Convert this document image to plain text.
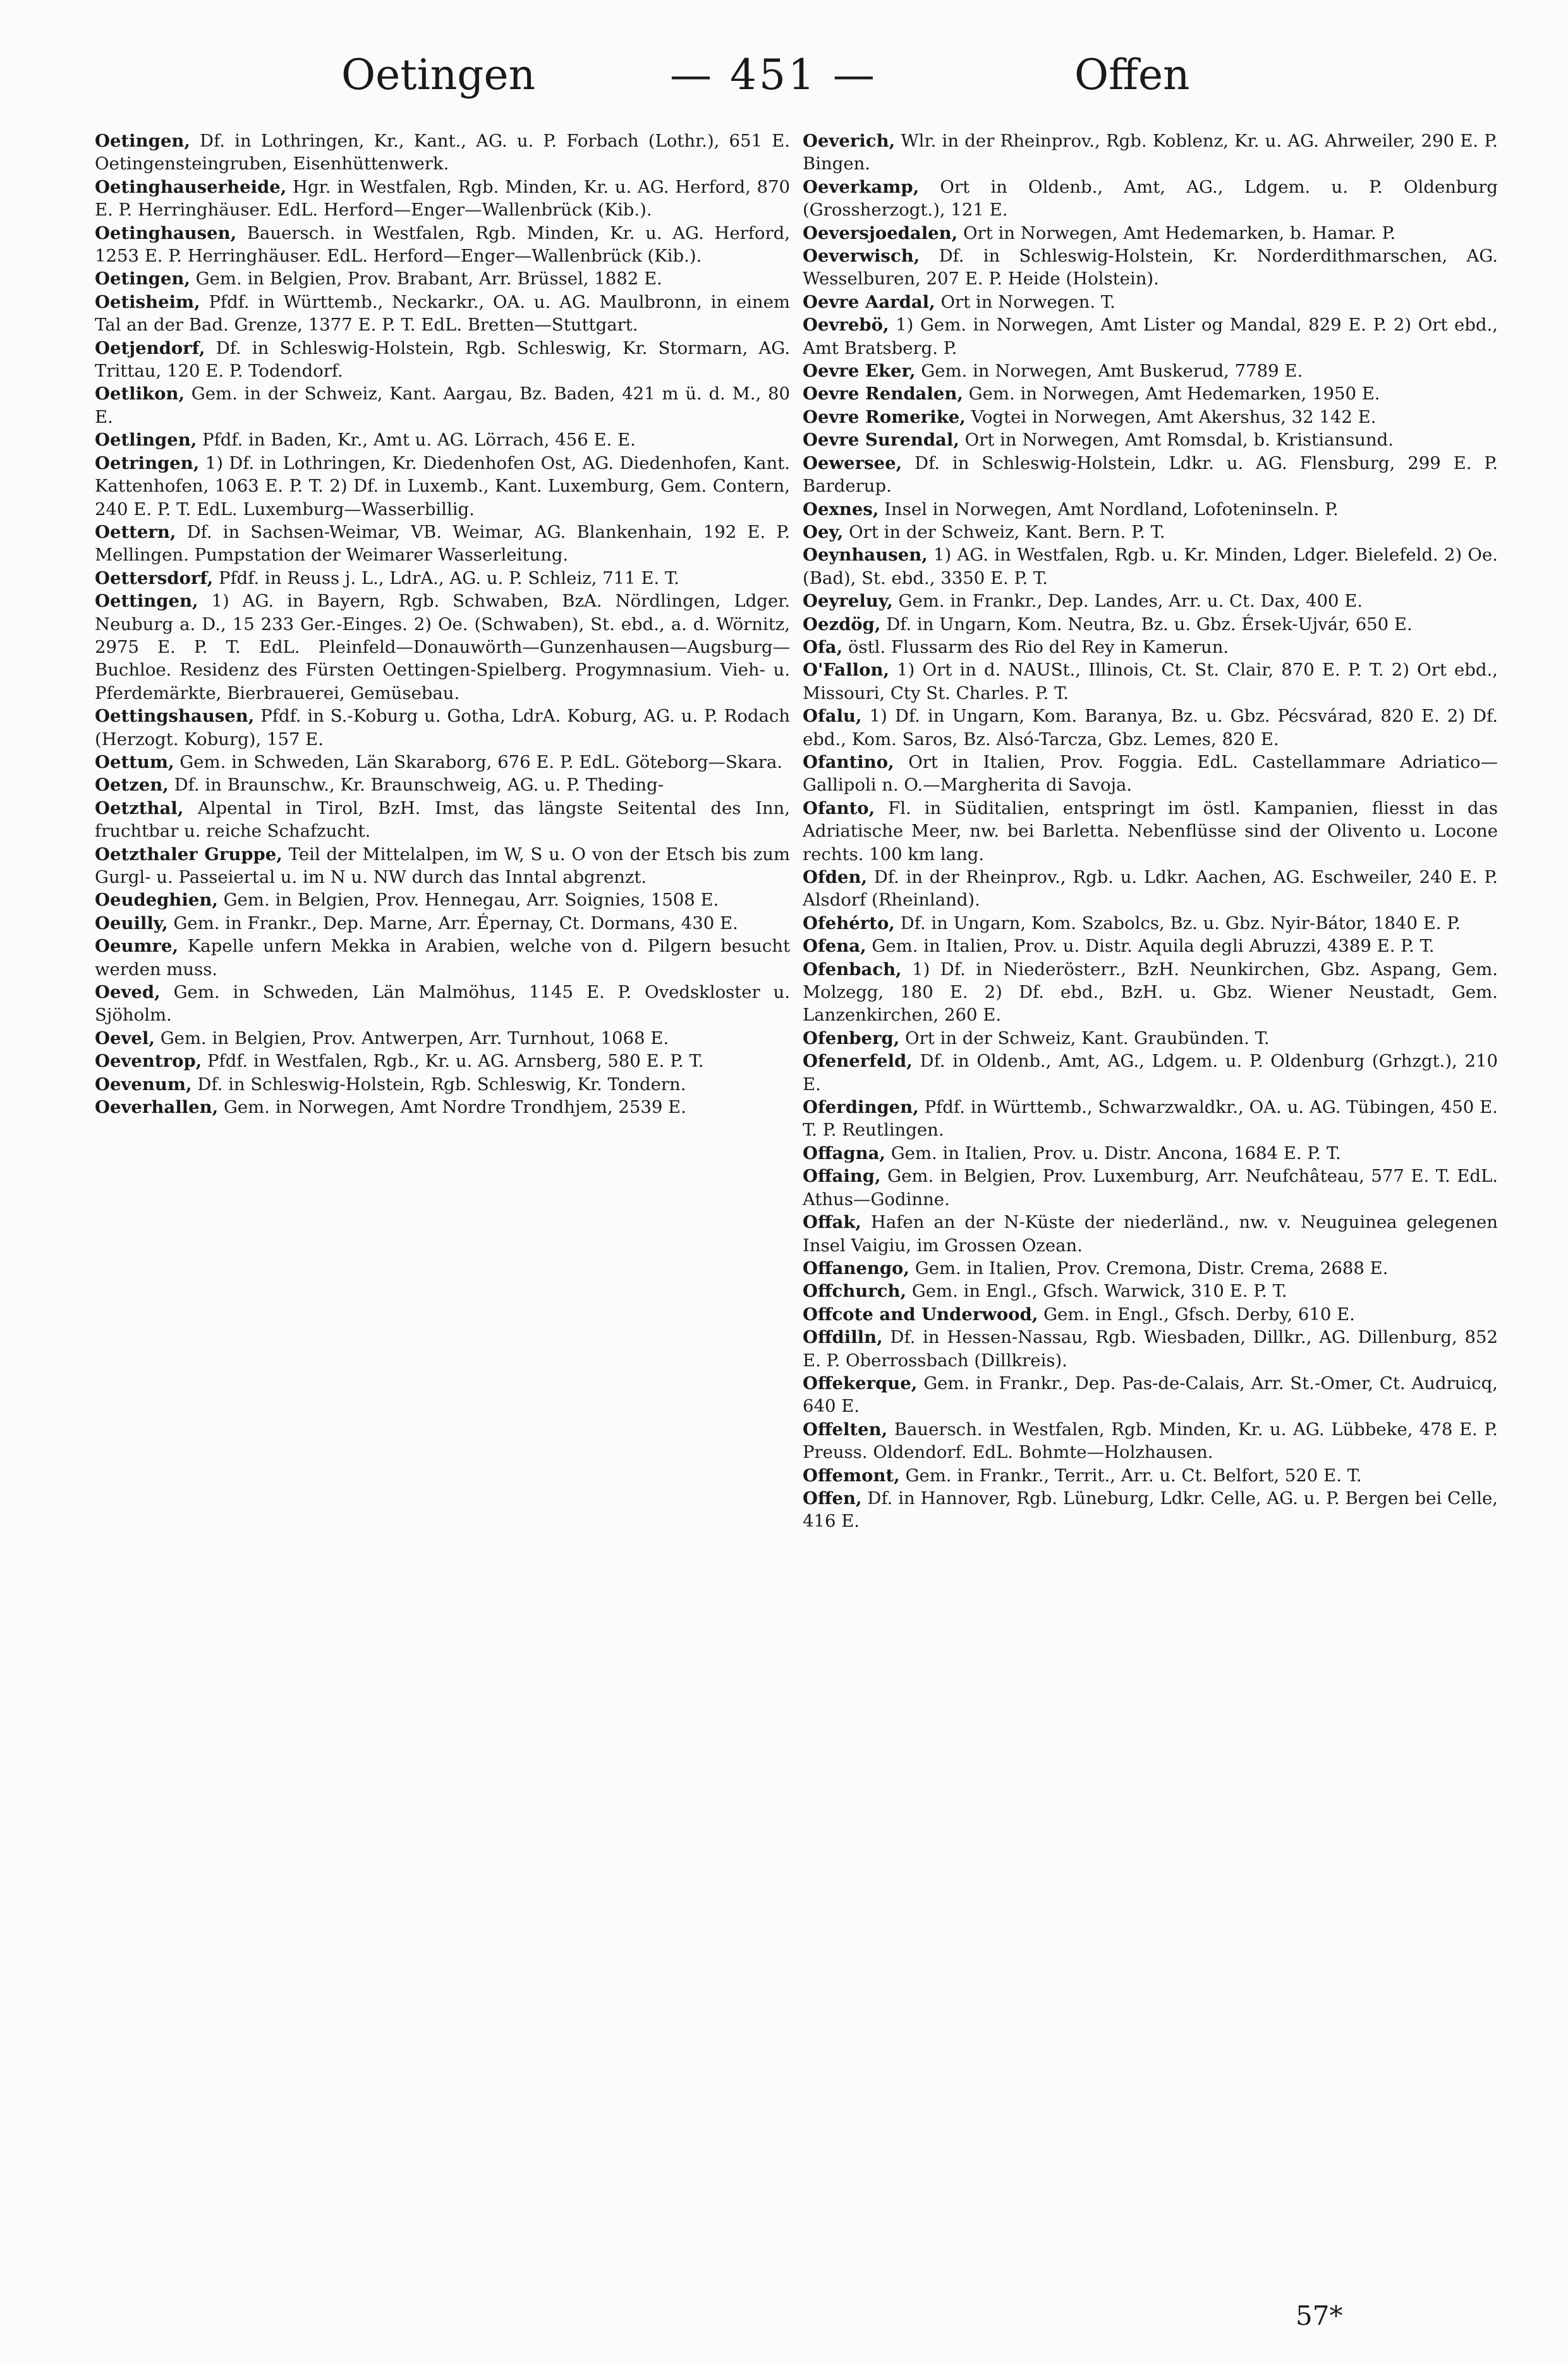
Oetingen	— 451 —	Offen

Oetingen, Df. in Lothringen, Kr., Kant., AG. u. P. Forbach (Lothr.), 651 E. Oetingensteingruben, Eisenhüttenwerk.

Oetinghauserheide, Hgr. in Westfalen, Rgb. Minden, Kr. u. AG. Herford, 870 E. P. Herringhäuser. EdL. Herford—Enger—Wallenbrück (Kib.).

Oetinghausen, Bauersch. in Westfalen, Rgb. Minden, Kr. u. AG. Herford, 1253 E. P. Herringhäuser. EdL. Herford—Enger—Wallenbrück (Kib.).

Oetingen, Gem. in Belgien, Prov. Brabant, Arr. Brüssel, 1882 E.

Oetisheim, Pfdf. in Württemb., Neckarkr., OA. u. AG. Maulbronn, in einem Tal an der Bad. Grenze, 1377 E. P. T. EdL. Bretten—Stuttgart.

Oetjendorf, Df. in Schleswig-Holstein, Rgb. Schleswig, Kr. Stormarn, AG. Trittau, 120 E. P. Todendorf.

Oetlikon, Gem. in der Schweiz, Kant. Aargau, Bz. Baden, 421 m ü. d. M., 80 E.

Oetlingen, Pfdf. in Baden, Kr., Amt u. AG. Lörrach, 456 E. E.

Oetringen, 1) Df. in Lothringen, Kr. Diedenhofen Ost, AG. Diedenhofen, Kant. Kattenhofen, 1063 E. P. T. 2) Df. in Luxemb., Kant. Luxemburg, Gem. Contern, 240 E. P. T. EdL. Luxemburg—Wasserbillig.

Oettern, Df. in Sachsen-Weimar, VB. Weimar, AG. Blankenhain, 192 E. P. Mellingen. Pumpstation der Weimarer Wasserleitung.

Oettersdorf, Pfdf. in Reuss j. L., LdrA., AG. u. P. Schleiz, 711 E. T.

Oettingen, 1) AG. in Bayern, Rgb. Schwaben, BzA. Nördlingen, Ldger. Neuburg a. D., 15 233 Ger.-Einges. 2) Oe. (Schwaben), St. ebd., a. d. Wörnitz, 2975 E. P. T. EdL. Pleinfeld—Donauwörth—Gunzenhausen—Augsburg—Buchloe. Residenz des Fürsten Oettingen-Spielberg. Progymnasium. Vieh- u. Pferdemärkte, Bierbrauerei, Gemüsebau.

Oettingshausen, Pfdf. in S.-Koburg u. Gotha, LdrA. Koburg, AG. u. P. Rodach (Herzogt. Koburg), 157 E.

Oettum, Gem. in Schweden, Län Skaraborg, 676 E. P. EdL. Göteborg—Skara.

Oetzen, Df. in Braunschw., Kr. Braunschweig, AG. u. P. Theding-

Oetzthal, Alpental in Tirol, BzH. Imst, das längste Seitental des Inn, fruchtbar u. reiche Schafzucht.

Oetzthaler Gruppe, Teil der Mittelalpen, im W, S u. O von der Etsch bis zum Gurgl- u. Passeiertal u. im N u. NW durch das Inntal abgrenzt.

Oeudeghien, Gem. in Belgien, Prov. Hennegau, Arr. Soignies, 1508 E.

Oeuilly, Gem. in Frankr., Dep. Marne, Arr. Épernay, Ct. Dormans, 430 E.

Oeumre, Kapelle unfern Mekka in Arabien, welche von d. Pilgern besucht werden muss.

Oeved, Gem. in Schweden, Län Malmöhus, 1145 E. P. Ovedskloster u. Sjöholm.

Oevel, Gem. in Belgien, Prov. Antwerpen, Arr. Turnhout, 1068 E.

Oeventrop, Pfdf. in Westfalen, Rgb., Kr. u. AG. Arnsberg, 580 E. P. T.

Oevenum, Df. in Schleswig-Holstein, Rgb. Schleswig, Kr. Tondern.

Oeverhallen, Gem. in Norwegen, Amt Nordre Trondhjem, 2539 E.

Oeverich, Wlr. in der Rheinprov., Rgb. Koblenz, Kr. u. AG. Ahrweiler, 290 E. P. Bingen.

Oeverkamp, Ort in Oldenb., Amt, AG., Ldgem. u. P. Oldenburg (Grossherzogt.), 121 E.

Oeversjoedalen, Ort in Norwegen, Amt Hedemarken, b. Hamar. P.

Oeverwisch, Df. in Schleswig-Holstein, Kr. Norderdithmarschen, AG. Wesselburen, 207 E. P. Heide (Holstein).

Oevre Aardal, Ort in Norwegen. T.

Oevrebö, 1) Gem. in Norwegen, Amt Lister og Mandal, 829 E. P. 2) Ort ebd., Amt Bratsberg. P.

Oevre Eker, Gem. in Norwegen, Amt Buskerud, 7789 E.

Oevre Rendalen, Gem. in Norwegen, Amt Hedemarken, 1950 E.

Oevre Romerike, Vogtei in Norwegen, Amt Akershus, 32 142 E.

Oevre Surendal, Ort in Norwegen, Amt Romsdal, b. Kristiansund.

Oewersee, Df. in Schleswig-Holstein, Ldkr. u. AG. Flensburg, 299 E. P. Barderup.

Oexnes, Insel in Norwegen, Amt Nordland, Lofoteninseln. P.

Oey, Ort in der Schweiz, Kant. Bern. P. T.

Oeynhausen, 1) AG. in Westfalen, Rgb. u. Kr. Minden, Ldger. Bielefeld. 2) Oe. (Bad), St. ebd., 3350 E. P. T.

Oeyreluy, Gem. in Frankr., Dep. Landes, Arr. u. Ct. Dax, 400 E.

Oezdög, Df. in Ungarn, Kom. Neutra, Bz. u. Gbz. Érsek-Ujvár, 650 E.

Ofa, östl. Flussarm des Rio del Rey in Kamerun.

O'Fallon, 1) Ort in d. NAUSt., Illinois, Ct. St. Clair, 870 E. P. T. 2) Ort ebd., Missouri, Cty St. Charles. P. T.

Ofalu, 1) Df. in Ungarn, Kom. Baranya, Bz. u. Gbz. Pécsvárad, 820 E. 2) Df. ebd., Kom. Saros, Bz. Alsó-Tarcza, Gbz. Lemes, 820 E.

Ofantino, Ort in Italien, Prov. Foggia. EdL. Castellammare Adriatico—Gallipoli n. O.—Margherita di Savoja.

Ofanto, Fl. in Süditalien, entspringt im östl. Kampanien, fliesst in das Adriatische Meer, nw. bei Barletta. Nebenflüsse sind der Olivento u. Locone rechts. 100 km lang.

Ofden, Df. in der Rheinprov., Rgb. u. Ldkr. Aachen, AG. Eschweiler, 240 E. P. Alsdorf (Rheinland).

Ofehérto, Df. in Ungarn, Kom. Szabolcs, Bz. u. Gbz. Nyir-Bátor, 1840 E. P.

Ofena, Gem. in Italien, Prov. u. Distr. Aquila degli Abruzzi, 4389 E. P. T.

Ofenbach, 1) Df. in Niederösterr., BzH. Neunkirchen, Gbz. Aspang, Gem. Molzegg, 180 E. 2) Df. ebd., BzH. u. Gbz. Wiener Neustadt, Gem. Lanzenkirchen, 260 E.

Ofenberg, Ort in der Schweiz, Kant. Graubünden. T.

Ofenerfeld, Df. in Oldenb., Amt, AG., Ldgem. u. P. Oldenburg (Grhzgt.), 210 E.

Oferdingen, Pfdf. in Württemb., Schwarzwaldkr., OA. u. AG. Tübingen, 450 E. T. P. Reutlingen.

Offagna, Gem. in Italien, Prov. u. Distr. Ancona, 1684 E. P. T.

Offaing, Gem. in Belgien, Prov. Luxemburg, Arr. Neufchâteau, 577 E. T. EdL. Athus—Godinne.

Offak, Hafen an der N-Küste der niederländ., nw. v. Neuguinea gelegenen Insel Vaigiu, im Grossen Ozean.

Offanengo, Gem. in Italien, Prov. Cremona, Distr. Crema, 2688 E.

Offchurch, Gem. in Engl., Gfsch. Warwick, 310 E. P. T.

Offcote and Underwood, Gem. in Engl., Gfsch. Derby, 610 E.

Offdilln, Df. in Hessen-Nassau, Rgb. Wiesbaden, Dillkr., AG. Dillenburg, 852 E. P. Oberrossbach (Dillkreis).

Offekerque, Gem. in Frankr., Dep. Pas-de-Calais, Arr. St.-Omer, Ct. Audruicq, 640 E.

Offelten, Bauersch. in Westfalen, Rgb. Minden, Kr. u. AG. Lübbeke, 478 E. P. Preuss. Oldendorf. EdL. Bohmte—Holzhausen.

Offemont, Gem. in Frankr., Territ., Arr. u. Ct. Belfort, 520 E. T.

Offen, Df. in Hannover, Rgb. Lüneburg, Ldkr. Celle, AG. u. P. Bergen bei Celle, 416 E.

57*
